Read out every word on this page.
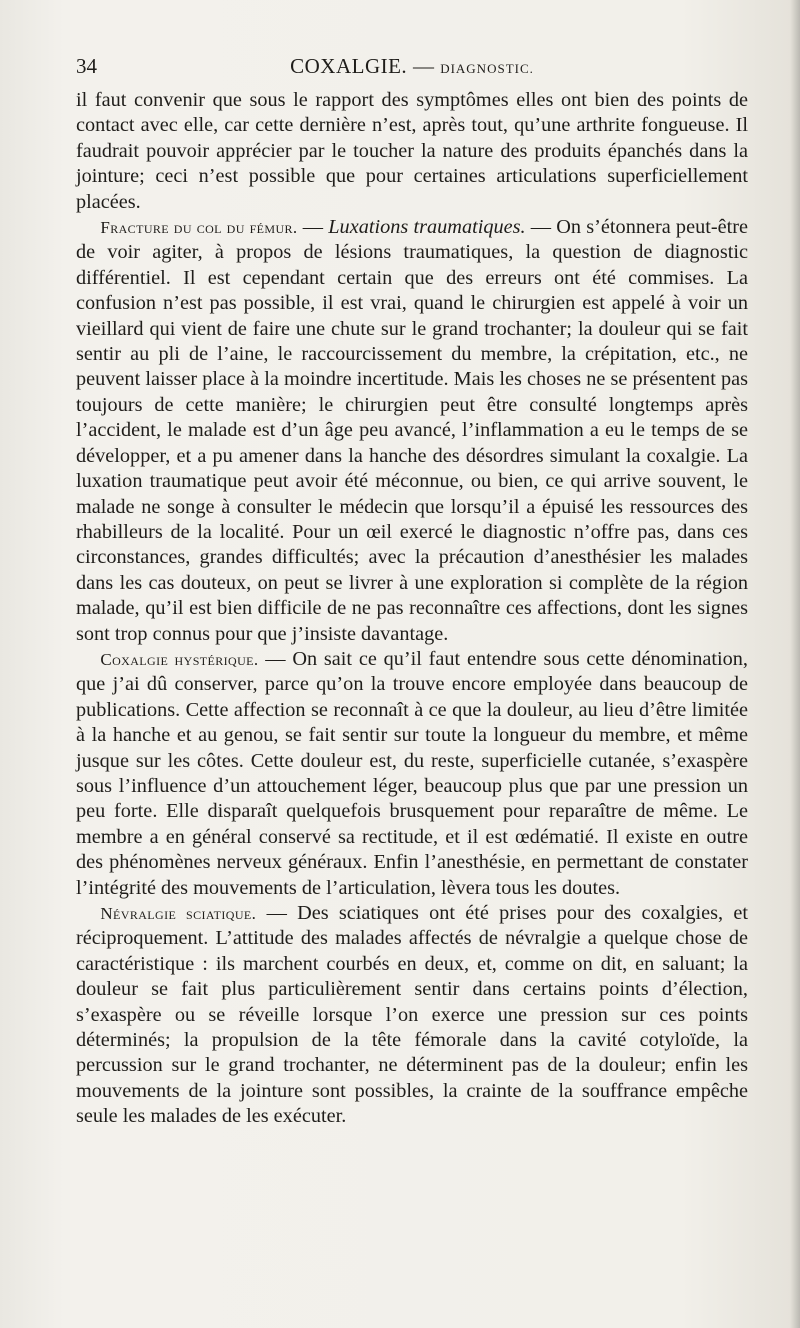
34	COXALGIE. — DIAGNOSTIC.

il faut convenir que sous le rapport des symptômes elles ont bien des points de contact avec elle, car cette dernière n’est, après tout, qu’une arthrite fongueuse. Il faudrait pouvoir apprécier par le toucher la nature des produits épanchés dans la jointure; ceci n’est possible que pour certaines articulations superficiellement placées.

Fracture du col du fémur. — Luxations traumatiques. — On s’étonnera peut-être de voir agiter, à propos de lésions traumatiques, la question de diagnostic différentiel. Il est cependant certain que des erreurs ont été commises. La confusion n’est pas possible, il est vrai, quand le chirurgien est appelé à voir un vieillard qui vient de faire une chute sur le grand trochanter; la douleur qui se fait sentir au pli de l’aine, le raccourcissement du membre, la crépitation, etc., ne peuvent laisser place à la moindre incertitude. Mais les choses ne se présentent pas toujours de cette manière; le chirurgien peut être consulté longtemps après l’accident, le malade est d’un âge peu avancé, l’inflammation a eu le temps de se développer, et a pu amener dans la hanche des désordres simulant la coxalgie. La luxation traumatique peut avoir été méconnue, ou bien, ce qui arrive souvent, le malade ne songe à consulter le médecin que lorsqu’il a épuisé les ressources des rhabilleurs de la localité. Pour un œil exercé le diagnostic n’offre pas, dans ces circonstances, grandes difficultés; avec la précaution d’anesthésier les malades dans les cas douteux, on peut se livrer à une exploration si complète de la région malade, qu’il est bien difficile de ne pas reconnaître ces affections, dont les signes sont trop connus pour que j’insiste davantage.

Coxalgie hystérique. — On sait ce qu’il faut entendre sous cette dénomination, que j’ai dû conserver, parce qu’on la trouve encore employée dans beaucoup de publications. Cette affection se reconnaît à ce que la douleur, au lieu d’être limitée à la hanche et au genou, se fait sentir sur toute la longueur du membre, et même jusque sur les côtes. Cette douleur est, du reste, superficielle cutanée, s’exaspère sous l’influence d’un attouchement léger, beaucoup plus que par une pression un peu forte. Elle disparaît quelquefois brusquement pour reparaître de même. Le membre a en général conservé sa rectitude, et il est œdématié. Il existe en outre des phénomènes nerveux généraux. Enfin l’anesthésie, en permettant de constater l’intégrité des mouvements de l’articulation, lèvera tous les doutes.

Névralgie sciatique. — Des sciatiques ont été prises pour des coxalgies, et réciproquement. L’attitude des malades affectés de névralgie a quelque chose de caractéristique : ils marchent courbés en deux, et, comme on dit, en saluant; la douleur se fait plus particulièrement sentir dans certains points d’élection, s’exaspère ou se réveille lorsque l’on exerce une pression sur ces points déterminés; la propulsion de la tête fémorale dans la cavité cotyloïde, la percussion sur le grand trochanter, ne déterminent pas de la douleur; enfin les mouvements de la jointure sont possibles, la crainte de la souffrance empêche seule les malades de les exécuter.
